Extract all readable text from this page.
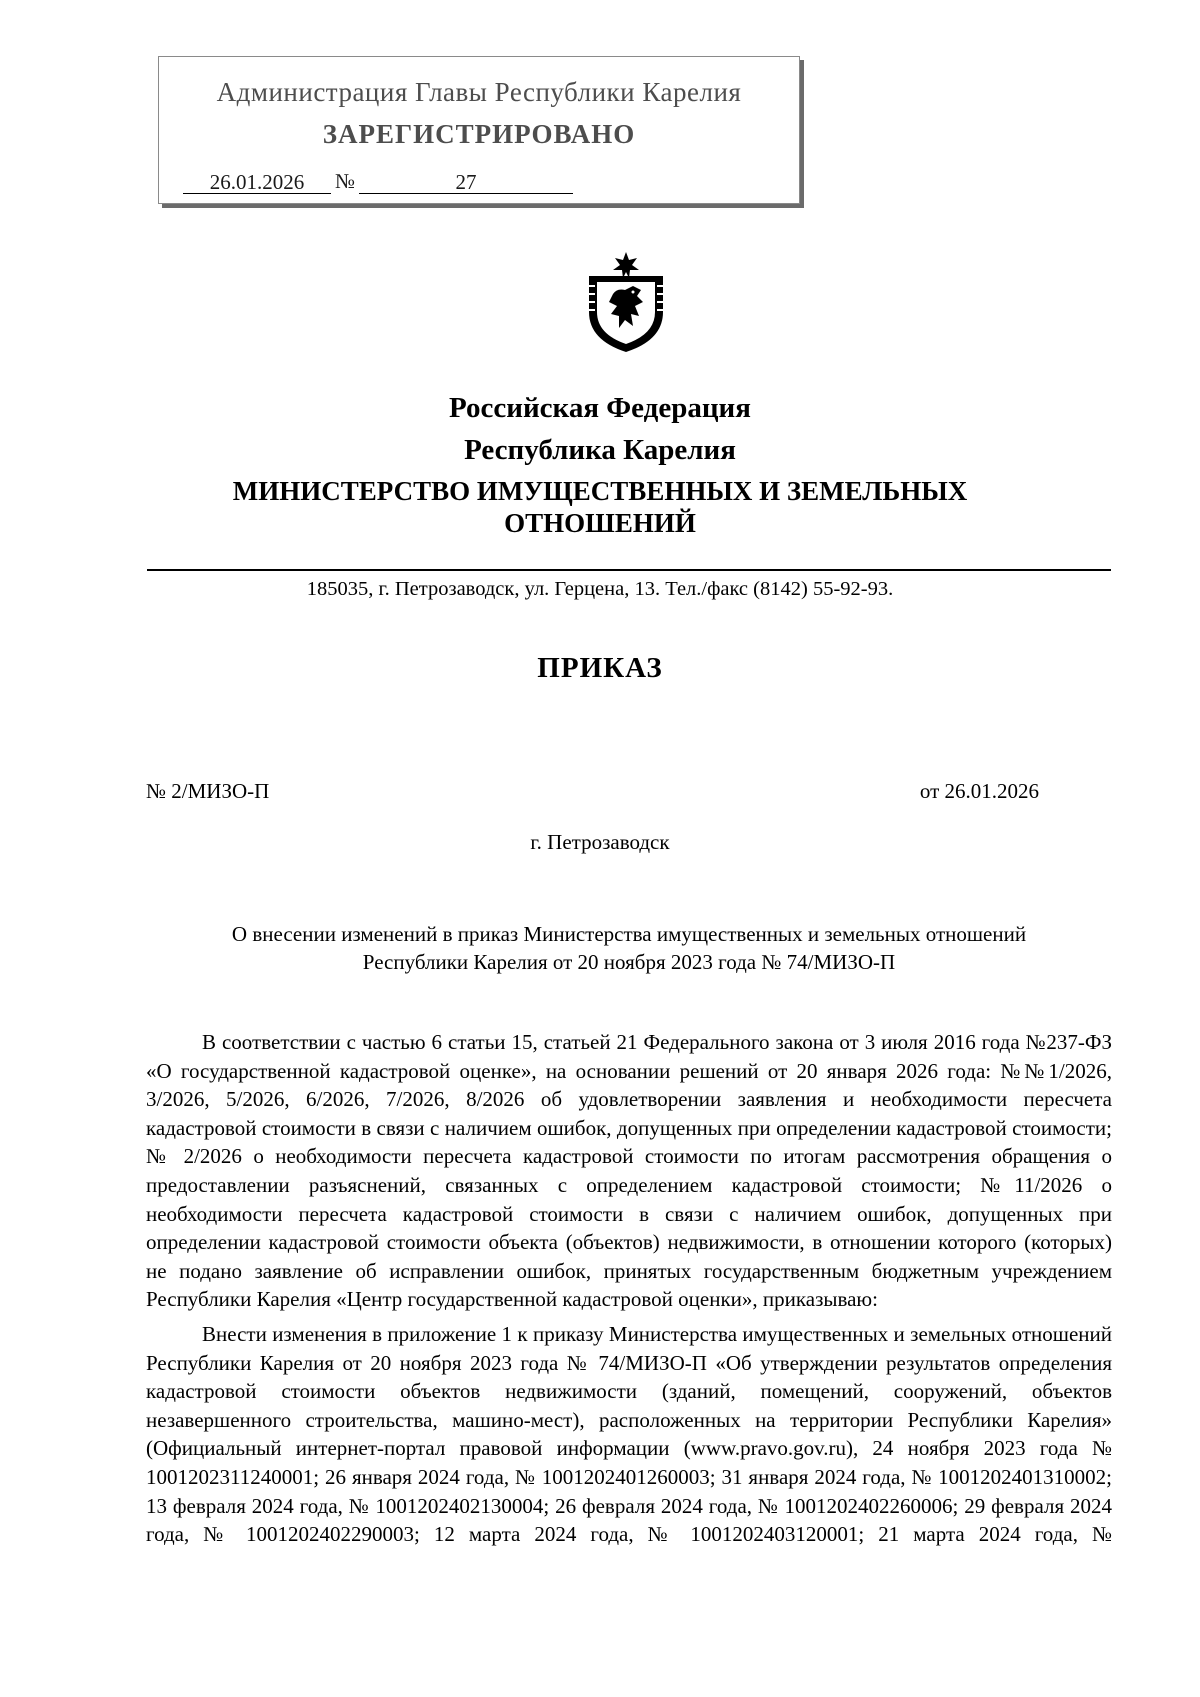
Администрация Главы Республики Карелия
ЗАРЕГИСТРИРОВАНО
26.01.2026	№	27
Российская Федерация
Республика Карелия
МИНИСТЕРСТВО ИМУЩЕСТВЕННЫХ И ЗЕМЕЛЬНЫХ
ОТНОШЕНИЙ
185035, г. Петрозаводск, ул. Герцена, 13. Тел./факс (8142) 55-92-93.
ПРИКАЗ
№ 2/МИЗО-П	от 26.01.2026
г. Петрозаводск
О внесении изменений в приказ Министерства имущественных и земельных отношений
Республики Карелия от 20 ноября 2023 года № 74/МИЗО-П

В соответствии с частью 6 статьи 15, статьей 21 Федерального закона от 3 июля 2016 года №237-ФЗ «О государственной кадастровой оценке», на основании решений от 20 января 2026 года: №№1/2026, 3/2026, 5/2026, 6/2026, 7/2026, 8/2026 об удовлетворении заявления и необходимости пересчета кадастровой стоимости в связи с наличием ошибок, допущенных при определении кадастровой стоимости; № 2/2026 о необходимости пересчета кадастровой стоимости по итогам рассмотрения обращения о предоставлении разъяснений, связанных с определением кадастровой стоимости; №11/2026 о необходимости пересчета кадастровой стоимости в связи с наличием ошибок, допущенных при определении кадастровой стоимости объекта (объектов) недвижимости, в отношении которого (которых) не подано заявление об исправлении ошибок, принятых государственным бюджетным учреждением Республики Карелия «Центр государственной кадастровой оценки», приказываю:

Внести изменения в приложение 1 к приказу Министерства имущественных и земельных отношений Республики Карелия от 20 ноября 2023 года № 74/МИЗО-П «Об утверждении результатов определения кадастровой стоимости объектов недвижимости (зданий, помещений, сооружений, объектов незавершенного строительства, машино-мест), расположенных на территории Республики Карелия» (Официальный интернет-портал правовой информации (www.pravo.gov.ru), 24 ноября 2023 года № 1001202311240001; 26 января 2024 года, № 1001202401260003; 31 января 2024 года, № 1001202401310002; 13 февраля 2024 года, № 1001202402130004; 26 февраля 2024 года, № 1001202402260006; 29 февраля 2024 года, № 1001202402290003; 12 марта 2024 года, № 1001202403120001; 21 марта 2024 года, №
